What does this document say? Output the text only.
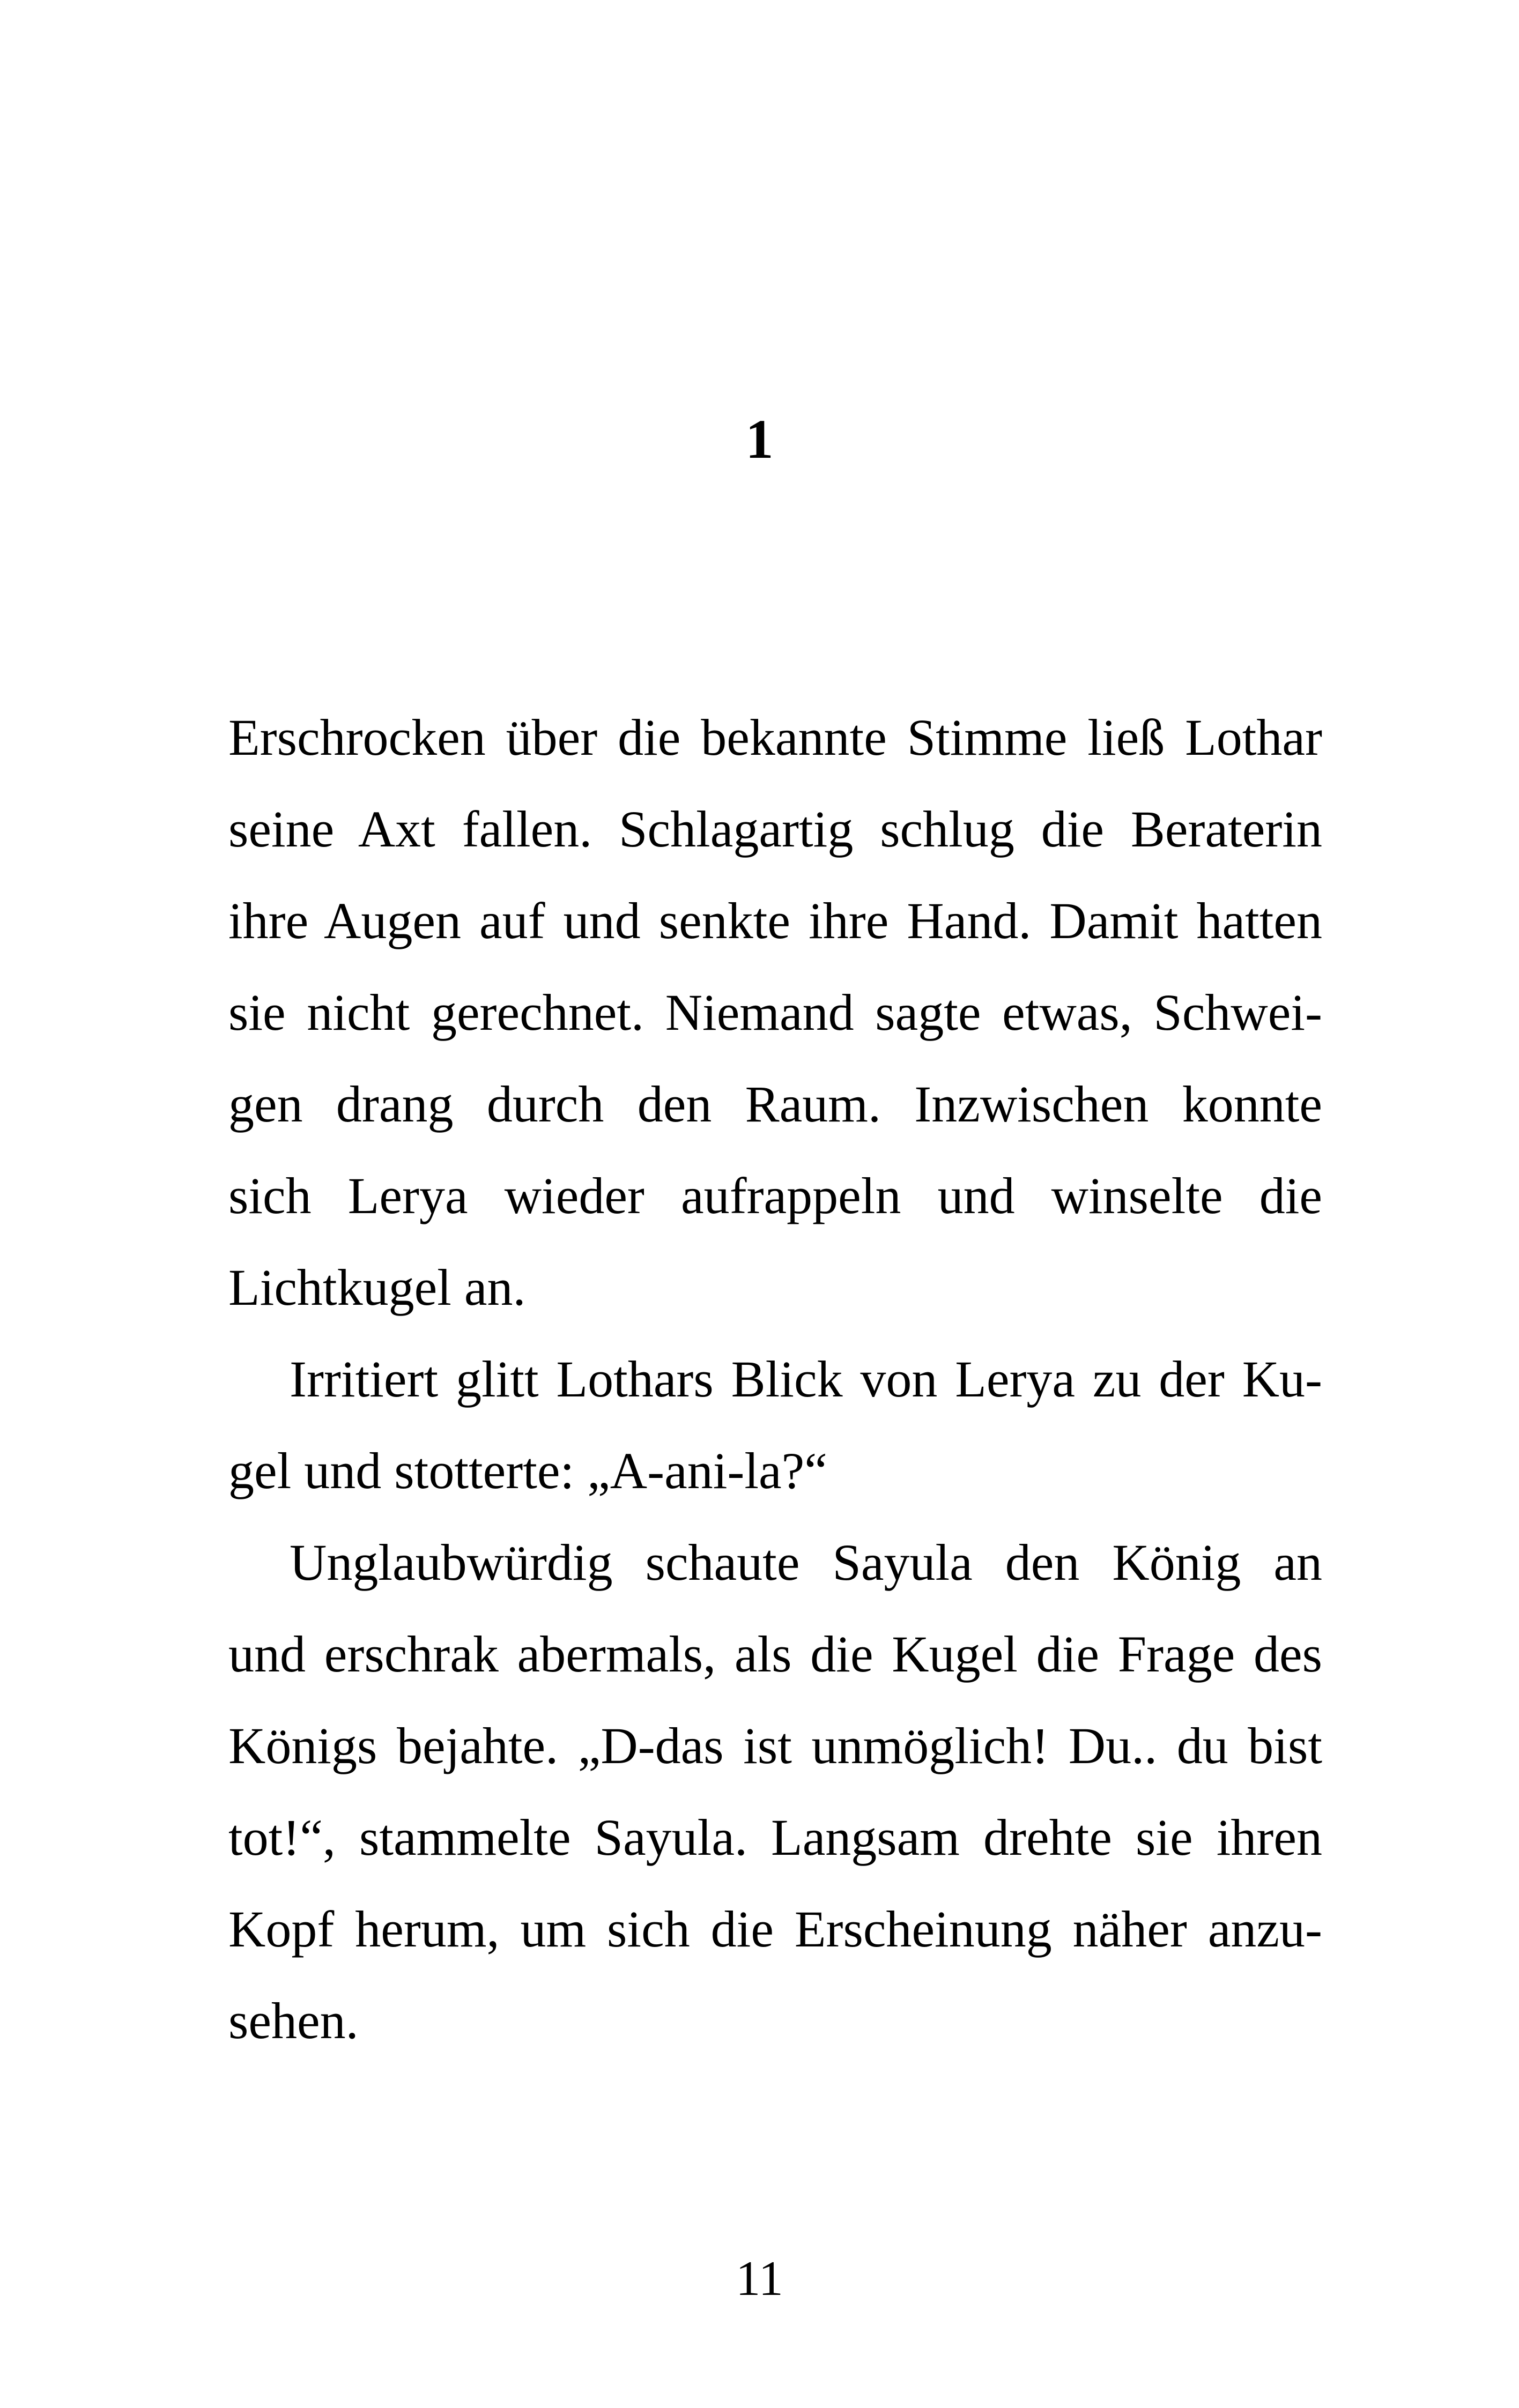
1
Erschrocken über die bekannte Stimme ließ Lothar
seine Axt fallen. Schlagartig schlug die Beraterin
ihre Augen auf und senkte ihre Hand. Damit hatten
sie nicht gerechnet. Niemand sagte etwas, Schwei-
gen drang durch den Raum. Inzwischen konnte
sich Lerya wieder aufrappeln und winselte die
Lichtkugel an.
Irritiert glitt Lothars Blick von Lerya zu der Ku-
gel und stotterte: „A-ani-la?“
Unglaubwürdig schaute Sayula den König an
und erschrak abermals, als die Kugel die Frage des
Königs bejahte. „D-das ist unmöglich! Du.. du bist
tot!“, stammelte Sayula. Langsam drehte sie ihren
Kopf herum, um sich die Erscheinung näher anzu-
sehen.
11
